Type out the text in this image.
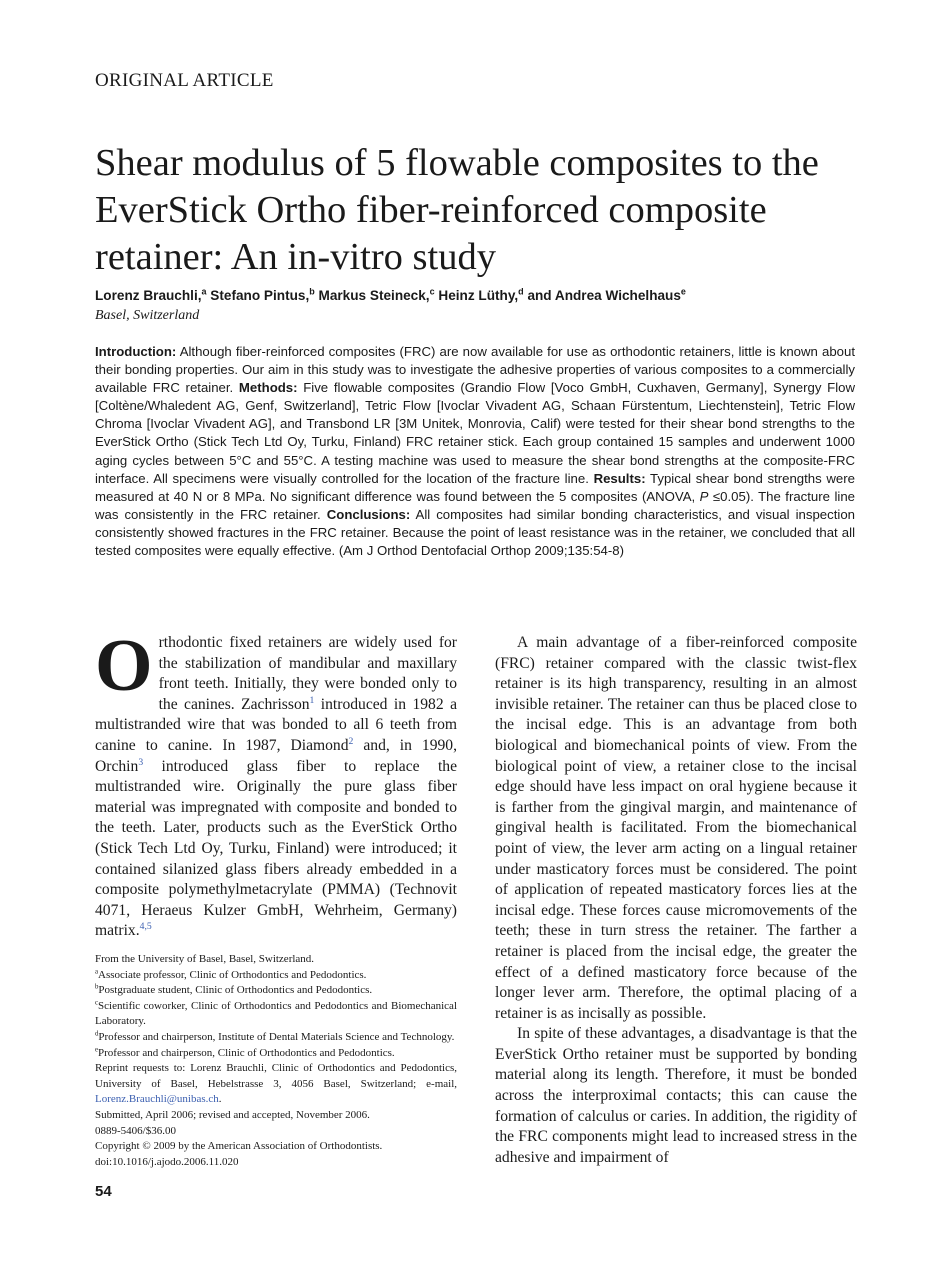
ORIGINAL ARTICLE
Shear modulus of 5 flowable composites to the EverStick Ortho fiber-reinforced composite retainer: An in-vitro study
Lorenz Brauchli,$^a$ Stefano Pintus,$^b$ Markus Steineck,$^c$ Heinz Lüthy,$^d$ and Andrea Wichelhaus$^e$
Basel, Switzerland
Introduction: Although fiber-reinforced composites (FRC) are now available for use as orthodontic retainers, little is known about their bonding properties. Our aim in this study was to investigate the adhesive properties of various composites to a commercially available FRC retainer. Methods: Five flowable composites (Grandio Flow [Voco GmbH, Cuxhaven, Germany], Synergy Flow [Coltène/Whaledent AG, Genf, Switzerland], Tetric Flow [Ivoclar Vivadent AG, Schaan Fürstentum, Liechtenstein], Tetric Flow Chroma [Ivoclar Vivadent AG], and Transbond LR [3M Unitek, Monrovia, Calif) were tested for their shear bond strengths to the EverStick Ortho (Stick Tech Ltd Oy, Turku, Finland) FRC retainer stick. Each group contained 15 samples and underwent 1000 aging cycles between 5°C and 55°C. A testing machine was used to measure the shear bond strengths at the composite-FRC interface. All specimens were visually controlled for the location of the fracture line. Results: Typical shear bond strengths were measured at 40 N or 8 MPa. No significant difference was found between the 5 composites (ANOVA, P ≤0.05). The fracture line was consistently in the FRC retainer. Conclusions: All composites had similar bonding characteristics, and visual inspection consistently showed fractures in the FRC retainer. Because the point of least resistance was in the retainer, we concluded that all tested composites were equally effective. (Am J Orthod Dentofacial Orthop 2009;135:54-8)

Orthodontic fixed retainers are widely used for the stabilization of mandibular and maxillary front teeth. Initially, they were bonded only to the canines. Zachrisson$^1$ introduced in 1982 a multistranded wire that was bonded to all 6 teeth from canine to canine. In 1987, Diamond$^2$ and, in 1990, Orchin$^3$ introduced glass fiber to replace the multistranded wire. Originally the pure glass fiber material was impregnated with composite and bonded to the teeth. Later, products such as the EverStick Ortho (Stick Tech Ltd Oy, Turku, Finland) were introduced; it contained silanized glass fibers already embedded in a composite polymethylmetacrylate (PMMA) (Technovit 4071, Heraeus Kulzer GmbH, Wehrheim, Germany) matrix.$^{4,5}$

A main advantage of a fiber-reinforced composite (FRC) retainer compared with the classic twist-flex retainer is its high transparency, resulting in an almost invisible retainer. The retainer can thus be placed close to the incisal edge. This is an advantage from both biological and biomechanical points of view. From the biological point of view, a retainer close to the incisal edge should have less impact on oral hygiene because it is farther from the gingival margin, and maintenance of gingival health is facilitated. From the biomechanical point of view, the lever arm acting on a lingual retainer under masticatory forces must be considered. The point of application of repeated masticatory forces lies at the incisal edge. These forces cause micromovements of the teeth; these in turn stress the retainer. The farther a retainer is placed from the incisal edge, the greater the effect of a defined masticatory force because of the longer lever arm. Therefore, the optimal placing of a retainer is as incisally as possible.

In spite of these advantages, a disadvantage is that the EverStick Ortho retainer must be supported by bonding material along its length. Therefore, it must be bonded across the interproximal contacts; this can cause the formation of calculus or caries. In addition, the rigidity of the FRC components might lead to increased stress in the adhesive and impairment of

From the University of Basel, Basel, Switzerland.
$^a$Associate professor, Clinic of Orthodontics and Pedodontics.
$^b$Postgraduate student, Clinic of Orthodontics and Pedodontics.
$^c$Scientific coworker, Clinic of Orthodontics and Pedodontics and Biomechanical Laboratory.
$^d$Professor and chairperson, Institute of Dental Materials Science and Technology.
$^e$Professor and chairperson, Clinic of Orthodontics and Pedodontics.
Reprint requests to: Lorenz Brauchli, Clinic of Orthodontics and Pedodontics, University of Basel, Hebelstrasse 3, 4056 Basel, Switzerland; e-mail, Lorenz.Brauchli@unibas.ch.
Submitted, April 2006; revised and accepted, November 2006.
0889-5406/$36.00
Copyright © 2009 by the American Association of Orthodontists.
doi:10.1016/j.ajodo.2006.11.020
54
